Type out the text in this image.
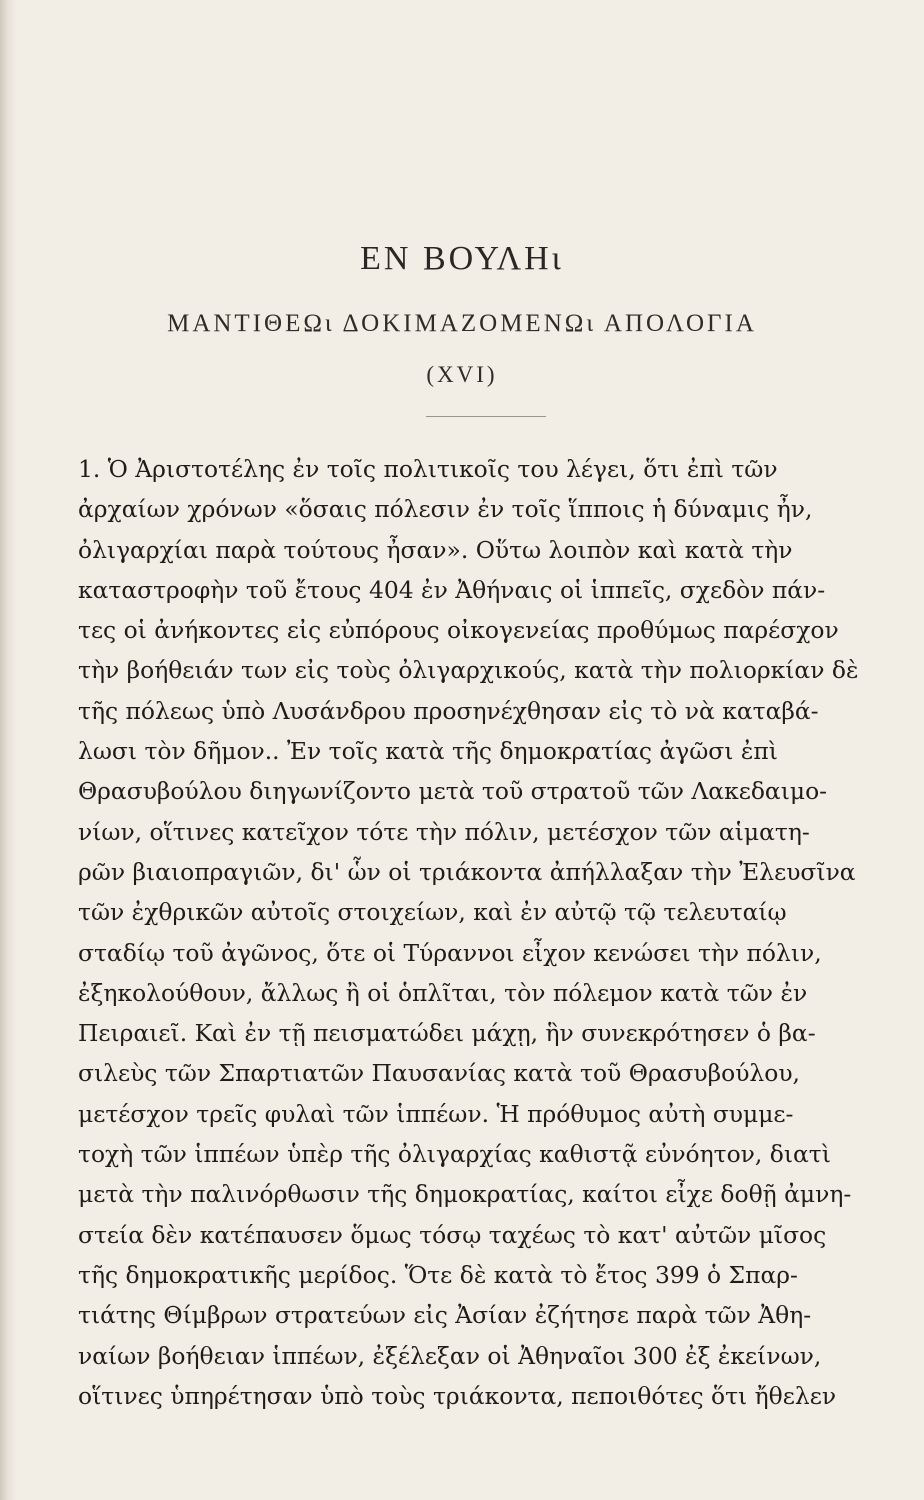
ΕΝ ΒΟΥΛΗι
ΜΑΝΤΙΘΕΩι ΔΟΚΙΜΑΖΟΜΕΝΩι ΑΠΟΛΟΓΙΑ
(XVI)
1. Ὁ Ἀριστοτέλης ἐν τοῖς πολιτικοῖς του λέγει, ὅτι ἐπὶ τῶν
ἀρχαίων χρόνων «ὅσαις πόλεσιν ἐν τοῖς ἵπποις ἡ δύναμις ἦν,
ὀλιγαρχίαι παρὰ τούτους ἦσαν». Οὕτω λοιπὸν καὶ κατὰ τὴν
καταστροφὴν τοῦ ἔτους 404 ἐν Ἀθήναις οἱ ἱππεῖς, σχεδὸν πάν-
τες οἱ ἀνήκοντες εἰς εὐπόρους οἰκογενείας προθύμως παρέσχον
τὴν βοήθειάν των εἰς τοὺς ὀλιγαρχικούς, κατὰ τὴν πολιορκίαν δὲ
τῆς πόλεως ὑπὸ Λυσάνδρου προσηνέχθησαν εἰς τὸ νὰ καταβά-
λωσι τὸν δῆμον.. Ἐν τοῖς κατὰ τῆς δημοκρατίας ἀγῶσι ἐπὶ
Θρασυβούλου διηγωνίζοντο μετὰ τοῦ στρατοῦ τῶν Λακεδαιμο-
νίων, οἵτινες κατεῖχον τότε τὴν πόλιν, μετέσχον τῶν αἱματη-
ρῶν βιαιοπραγιῶν, δι' ὧν οἱ τριάκοντα ἀπήλλαξαν τὴν Ἐλευσῖνα
τῶν ἐχθρικῶν αὐτοῖς στοιχείων, καὶ ἐν αὐτῷ τῷ τελευταίῳ
σταδίῳ τοῦ ἀγῶνος, ὅτε οἱ Τύραννοι εἶχον κενώσει τὴν πόλιν,
ἐξηκολούθουν, ἄλλως ἢ οἱ ὁπλῖται, τὸν πόλεμον κατὰ τῶν ἐν
Πειραιεῖ. Καὶ ἐν τῇ πεισματώδει μάχῃ, ἣν συνεκρότησεν ὁ βα-
σιλεὺς τῶν Σπαρτιατῶν Παυσανίας κατὰ τοῦ Θρασυβούλου,
μετέσχον τρεῖς φυλαὶ τῶν ἱππέων. Ἡ πρόθυμος αὐτὴ συμμε-
τοχὴ τῶν ἱππέων ὑπὲρ τῆς ὀλιγαρχίας καθιστᾷ εὐνόητον, διατὶ
μετὰ τὴν παλινόρθωσιν τῆς δημοκρατίας, καίτοι εἶχε δοθῇ ἀμνη-
στεία δὲν κατέπαυσεν ὅμως τόσῳ ταχέως τὸ κατ' αὐτῶν μῖσος
τῆς δημοκρατικῆς μερίδος. Ὅτε δὲ κατὰ τὸ ἔτος 399 ὁ Σπαρ-
τιάτης Θίμβρων στρατεύων εἰς Ἀσίαν ἐζήτησε παρὰ τῶν Ἀθη-
ναίων βοήθειαν ἱππέων, ἐξέλεξαν οἱ Ἀθηναῖοι 300 ἐξ ἐκείνων,
οἵτινες ὑπηρέτησαν ὑπὸ τοὺς τριάκοντα, πεποιθότες ὅτι ἤθελεν
